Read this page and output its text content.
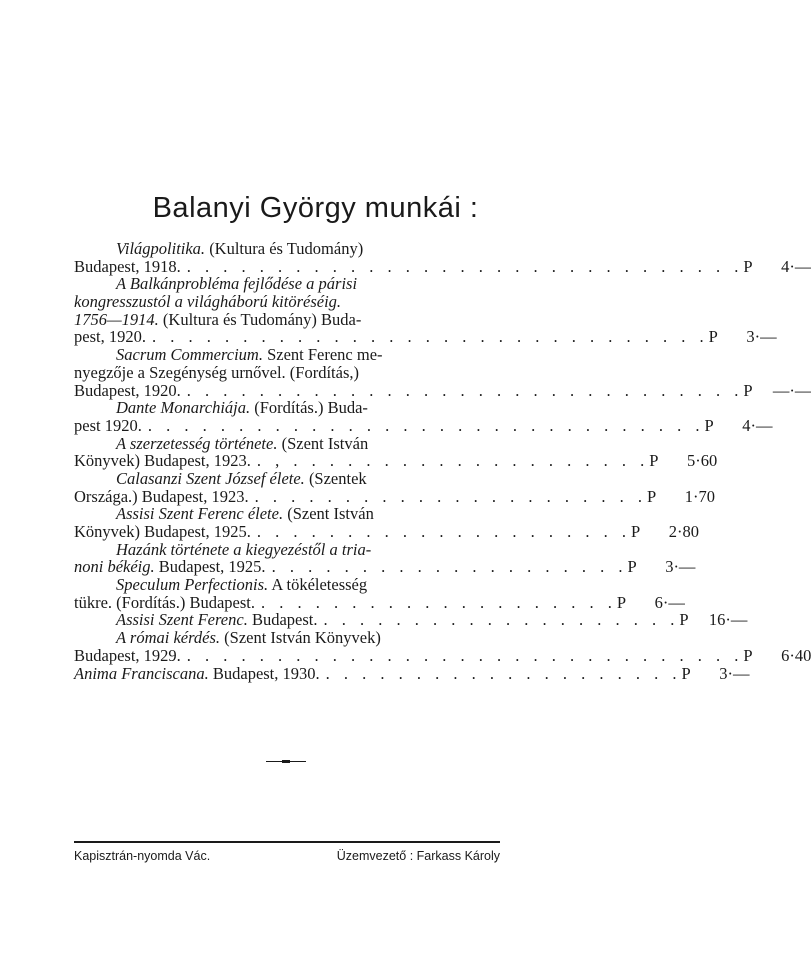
Balanyi György munkái :
Világpolitika. (Kultura és Tudomány)
Budapest, 1918. . . . . . . . . . . . . . . . . . . . . . . . . . . . . . . . P	4·—
A Balkánprobléma fejlődése a párisi
kongresszustól a világháború kitöréséig.
1756—1914. (Kultura és Tudomány) Buda-
pest, 1920. . . . . . . . . . . . . . . . . . . . . . . . . . . . . . . . P	3·—
Sacrum Commercium. Szent Ferenc me-
nyegzője a Szegénység urnővel. (Fordítás,)
Budapest, 1920. . . . . . . . . . . . . . . . . . . . . . . . . . . . . . . . P	—·—
Dante Monarchiája. (Fordítás.) Buda-
pest 1920. . . . . . . . . . . . . . . . . . . . . . . . . . . . . . . . P	4·—
A szerzetesség története. (Szent István
Könyvek) Budapest, 1923. . , . . . . . . . . . . . . . . . . . . . . P	5·60
Calasanzi Szent József élete. (Szentek
Országa.) Budapest, 1923. . . . . . . . . . . . . . . . . . . . . . . P	1·70
Assisi Szent Ferenc élete. (Szent István
Könyvek) Budapest, 1925. . . . . . . . . . . . . . . . . . . . . . P	2·80
Hazánk története a kiegyezéstől a tria-
noni békéig. Budapest, 1925. . . . . . . . . . . . . . . . . . . . . P	3·—
Speculum Perfectionis. A tökéletesség
tükre. (Fordítás.) Budapest. . . . . . . . . . . . . . . . . . . . . P	6·—
Assisi Szent Ferenc. Budapest. . . . . . . . . . . . . . . . . . . . . P	16·—
A római kérdés. (Szent István Könyvek)
Budapest, 1929. . . . . . . . . . . . . . . . . . . . . . . . . . . . . . . . P	6·40
Anima Franciscana. Budapest, 1930. . . . . . . . . . . . . . . . . . . . . P	3·—
Kapisztrán-nyomda Vác.	Üzemvezető : Farkass Károly
